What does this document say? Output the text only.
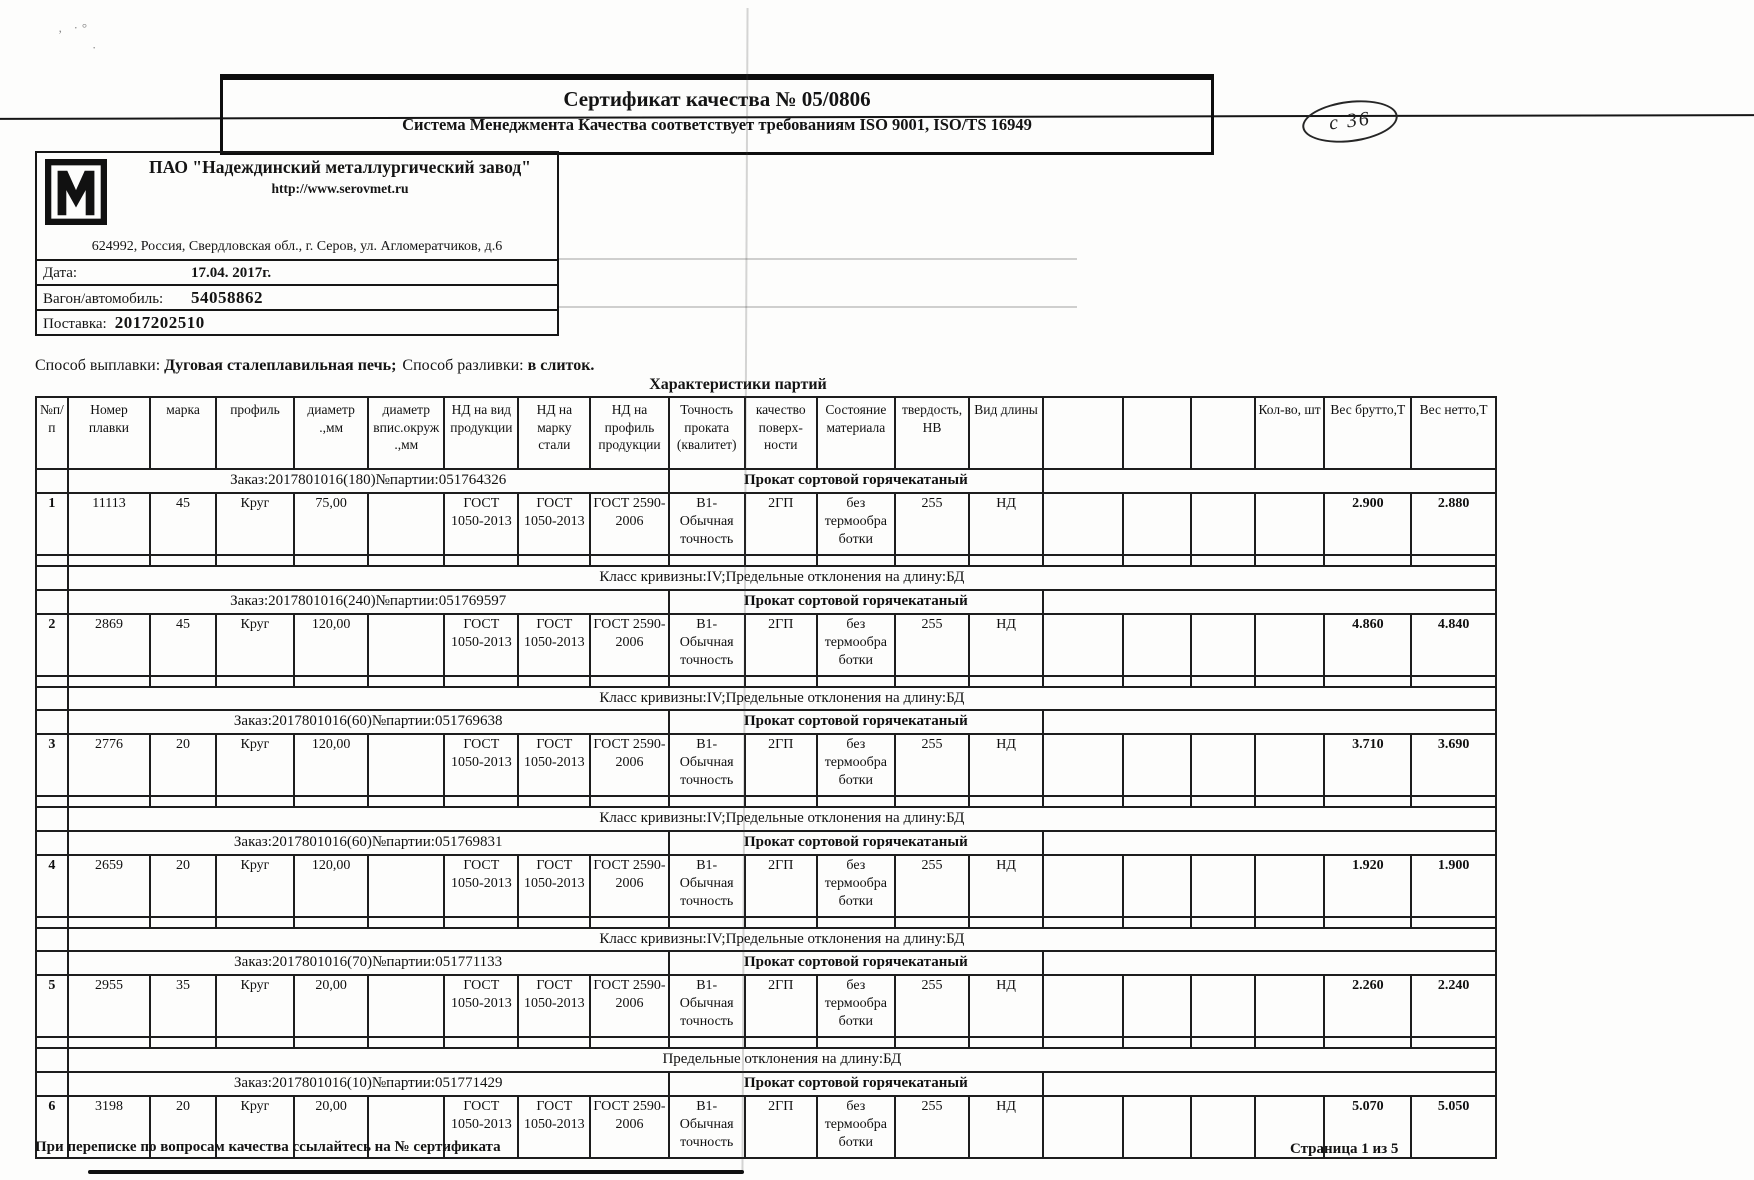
‚ ·°
·
Сертификат качества № 05/0806
Система Менеджмента Качества соответствует требованиям ISO 9001, ISO/TS 16949	с 36
ПАО "Надеждинский металлургический завод"
http://www.serovmet.ru
624992, Россия, Свердловская обл., г. Серов, ул. Агломератчиков, д.6
Дата:	17.04. 2017г.
Вагон/автомобиль: 54058862
Поставка: 2017202510
Способ выплавки: Дуговая сталеплавильная печь; Способ разливки: в слиток.
Характеристики партий
№п/п	Номер плавки	марка	профиль	диаметр .,мм	диаметр впис.окруж .,мм	НД на вид продукции	НД на марку стали	НД на профиль продукции	Точность проката (квалитет)	качество поверх- ности	Состояние материала	твердость, НВ	Вид длины				Кол-во, шт	Вес брутто,Т	Вес нетто,Т
	Заказ:2017801016(180)№партии:051764326								Прокат сортовой горячекатаный										
1	11113	45	Круг	75,00		ГОСТ 1050-2013	ГОСТ 1050-2013	ГОСТ 2590-2006	В1- Обычная точность	2ГП	без термообра ботки	255	НД					2.900	2.880

	Класс кривизны:IV;Предельные отклонения на длину:БД																		
	Заказ:2017801016(240)№партии:051769597								Прокат сортовой горячекатаный										
2	2869	45	Круг	120,00		ГОСТ 1050-2013	ГОСТ 1050-2013	ГОСТ 2590-2006	В1- Обычная точность	2ГП	без термообра ботки	255	НД					4.860	4.840

	Класс кривизны:IV;Предельные отклонения на длину:БД																		
	Заказ:2017801016(60)№партии:051769638								Прокат сортовой горячекатаный										
3	2776	20	Круг	120,00		ГОСТ 1050-2013	ГОСТ 1050-2013	ГОСТ 2590-2006	В1- Обычная точность	2ГП	без термообра ботки	255	НД					3.710	3.690

	Класс кривизны:IV;Предельные отклонения на длину:БД																		
	Заказ:2017801016(60)№партии:051769831								Прокат сортовой горячекатаный										
4	2659	20	Круг	120,00		ГОСТ 1050-2013	ГОСТ 1050-2013	ГОСТ 2590-2006	В1- Обычная точность	2ГП	без термообра ботки	255	НД					1.920	1.900

	Класс кривизны:IV;Предельные отклонения на длину:БД																		
	Заказ:2017801016(70)№партии:051771133								Прокат сортовой горячекатаный										
5	2955	35	Круг	20,00		ГОСТ 1050-2013	ГОСТ 1050-2013	ГОСТ 2590-2006	В1- Обычная точность	2ГП	без термообра ботки	255	НД					2.260	2.240

	Предельные отклонения на длину:БД																		
	Заказ:2017801016(10)№партии:051771429								Прокат сортовой горячекатаный										
6	3198	20	Круг	20,00		ГОСТ 1050-2013	ГОСТ 1050-2013	ГОСТ 2590-2006	В1- Обычная точность	2ГП	без термообра ботки	255	НД					5.070	5.050
При переписке по вопросам качества ссылайтесь на № сертификата	Страница 1 из 5
